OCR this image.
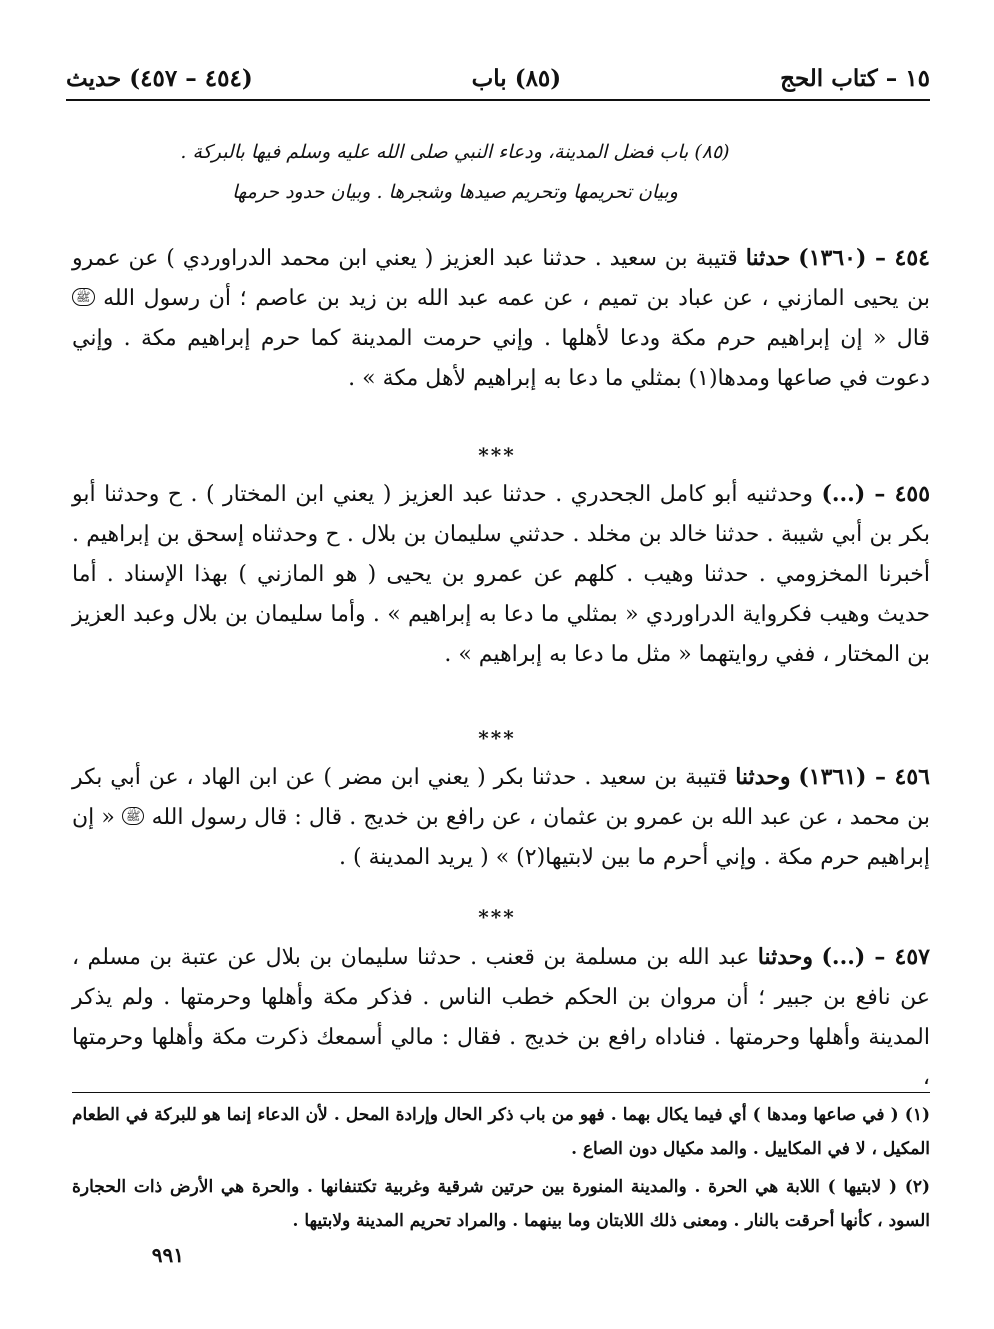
١٥ – كتاب الحج
(٨٥) باب
(٤٥٤ – ٤٥٧) حديث

(٨٥) باب فضل المدينة، ودعاء النبي صلى الله عليه وسلم فيها بالبركة .

وبيان تحريمها وتحريم صيدها وشجرها . وبيان حدود حرمها

٤٥٤ – (١٣٦٠) حدثنا قتيبة بن سعيد . حدثنا عبد العزيز ( يعني ابن محمد الدراوردي ) عن عمرو بن يحيى المازني ، عن عباد بن تميم ، عن عمه عبد الله بن زيد بن عاصم ؛ أن رسول الله ﷺ قال « إن إبراهيم حرم مكة ودعا لأهلها . وإني حرمت المدينة كما حرم إبراهيم مكة . وإني دعوت في صاعها ومدها(١) بمثلي ما دعا به إبراهيم لأهل مكة » .

***

٤٥٥ – (...) وحدثنيه أبو كامل الجحدري . حدثنا عبد العزيز ( يعني ابن المختار ) . ح وحدثنا أبو بكر بن أبي شيبة . حدثنا خالد بن مخلد . حدثني سليمان بن بلال . ح وحدثناه إسحق بن إبراهيم . أخبرنا المخزومي . حدثنا وهيب . كلهم عن عمرو بن يحيى ( هو المازني ) بهذا الإسناد . أما حديث وهيب فكرواية الدراوردي « بمثلي ما دعا به إبراهيم » . وأما سليمان بن بلال وعبد العزيز بن المختار ، ففي روايتهما « مثل ما دعا به إبراهيم » .

***

٤٥٦ – (١٣٦١) وحدثنا قتيبة بن سعيد . حدثنا بكر ( يعني ابن مضر ) عن ابن الهاد ، عن أبي بكر بن محمد ، عن عبد الله بن عمرو بن عثمان ، عن رافع بن خديج . قال : قال رسول الله ﷺ « إن إبراهيم حرم مكة . وإني أحرم ما بين لابتيها(٢) » ( يريد المدينة ) .

***

٤٥٧ – (...) وحدثنا عبد الله بن مسلمة بن قعنب . حدثنا سليمان بن بلال عن عتبة بن مسلم ، عن نافع بن جبير ؛ أن مروان بن الحكم خطب الناس . فذكر مكة وأهلها وحرمتها . ولم يذكر المدينة وأهلها وحرمتها . فناداه رافع بن خديج . فقال : مالي أسمعك ذكرت مكة وأهلها وحرمتها ،

(١) ( في صاعها ومدها ) أي فيما يكال بهما . فهو من باب ذكر الحال وإرادة المحل . لأن الدعاء إنما هو للبركة في الطعام المكيل ، لا في المكاييل . والمد مكيال دون الصاع .

(٢) ( لابتيها ) اللابة هي الحرة . والمدينة المنورة بين حرتين شرقية وغربية تكتنفانها . والحرة هي الأرض ذات الحجارة السود ، كأنها أحرقت بالنار . ومعنى ذلك اللابتان وما بينهما . والمراد تحريم المدينة ولابتيها .

٩٩١
